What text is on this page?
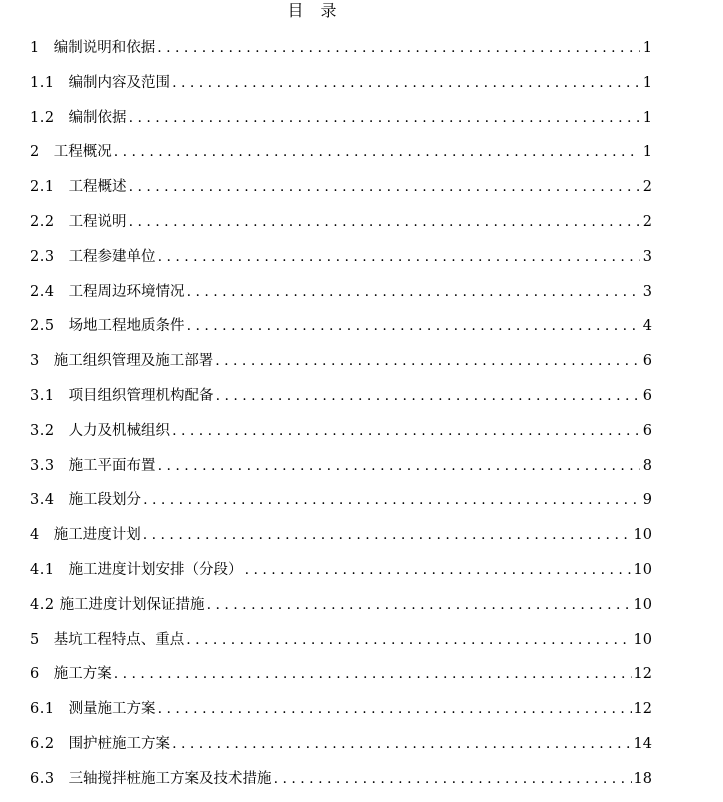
目 录
1 编制说明和依据 . . .	1
1.1 编制内容及范围 . . .	1
1.2 编制依据 . . .	1
2 工程概况 . . .	1
2.1 工程概述 . . .	2
2.2 工程说明 . . .	2
2.3 工程参建单位 . . .	3
2.4 工程周边环境情况 . . .	3
2.5 场地工程地质条件 . . .	4
3 施工组织管理及施工部署 . . .	6
3.1 项目组织管理机构配备 . . .	6
3.2 人力及机械组织 . . .	6
3.3 施工平面布置 . . .	8
3.4 施工段划分 . . .	9
4 施工进度计划 . . .	10
4.1 施工进度计划安排（分段） . . .	10
4.2 施工进度计划保证措施 . . .	10
5 基坑工程特点、重点 . . .	10
6 施工方案 . . .	12
6.1 测量施工方案 . . .	12
6.2 围护桩施工方案 . . .	14
6.3 三轴搅拌桩施工方案及技术措施 . . .	18
